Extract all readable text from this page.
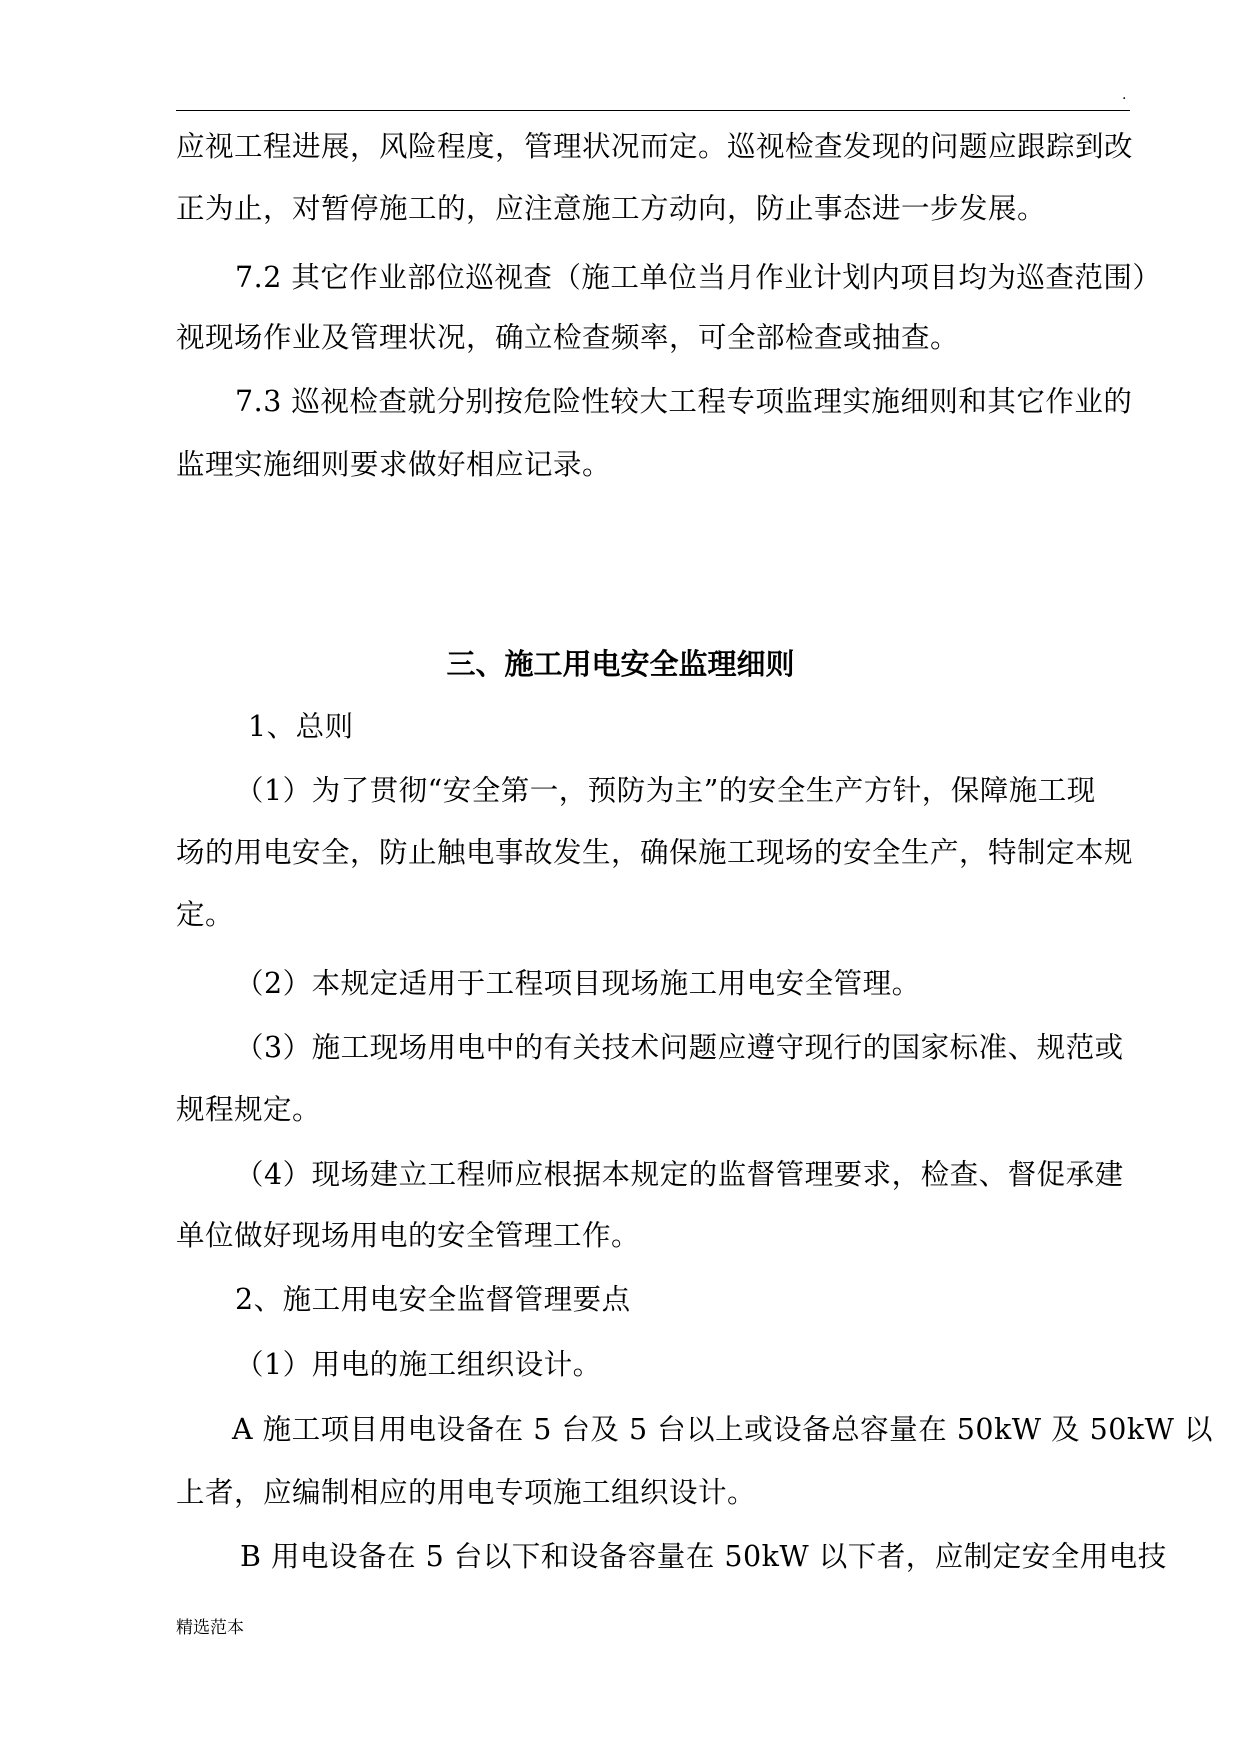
.
应视工程进展，风险程度，管理状况而定。巡视检查发现的问题应跟踪到改
正为止，对暂停施工的，应注意施工方动向，防止事态进一步发展。
7.2 其它作业部位巡视查（施工单位当月作业计划内项目均为巡查范围）
视现场作业及管理状况，确立检查频率，可全部检查或抽查。
7.3 巡视检查就分别按危险性较大工程专项监理实施细则和其它作业的
监理实施细则要求做好相应记录。
三、施工用电安全监理细则
1、总则
（1）为了贯彻“安全第一，预防为主”的安全生产方针，保障施工现
场的用电安全，防止触电事故发生，确保施工现场的安全生产，特制定本规
定。
（2）本规定适用于工程项目现场施工用电安全管理。
（3）施工现场用电中的有关技术问题应遵守现行的国家标准、规范或
规程规定。
（4）现场建立工程师应根据本规定的监督管理要求，检查、督促承建
单位做好现场用电的安全管理工作。
2、施工用电安全监督管理要点
（1）用电的施工组织设计。
A 施工项目用电设备在 5 台及 5 台以上或设备总容量在 50kW 及 50kW 以
上者，应编制相应的用电专项施工组织设计。
B 用电设备在 5 台以下和设备容量在 50kW 以下者，应制定安全用电技
精选范本
